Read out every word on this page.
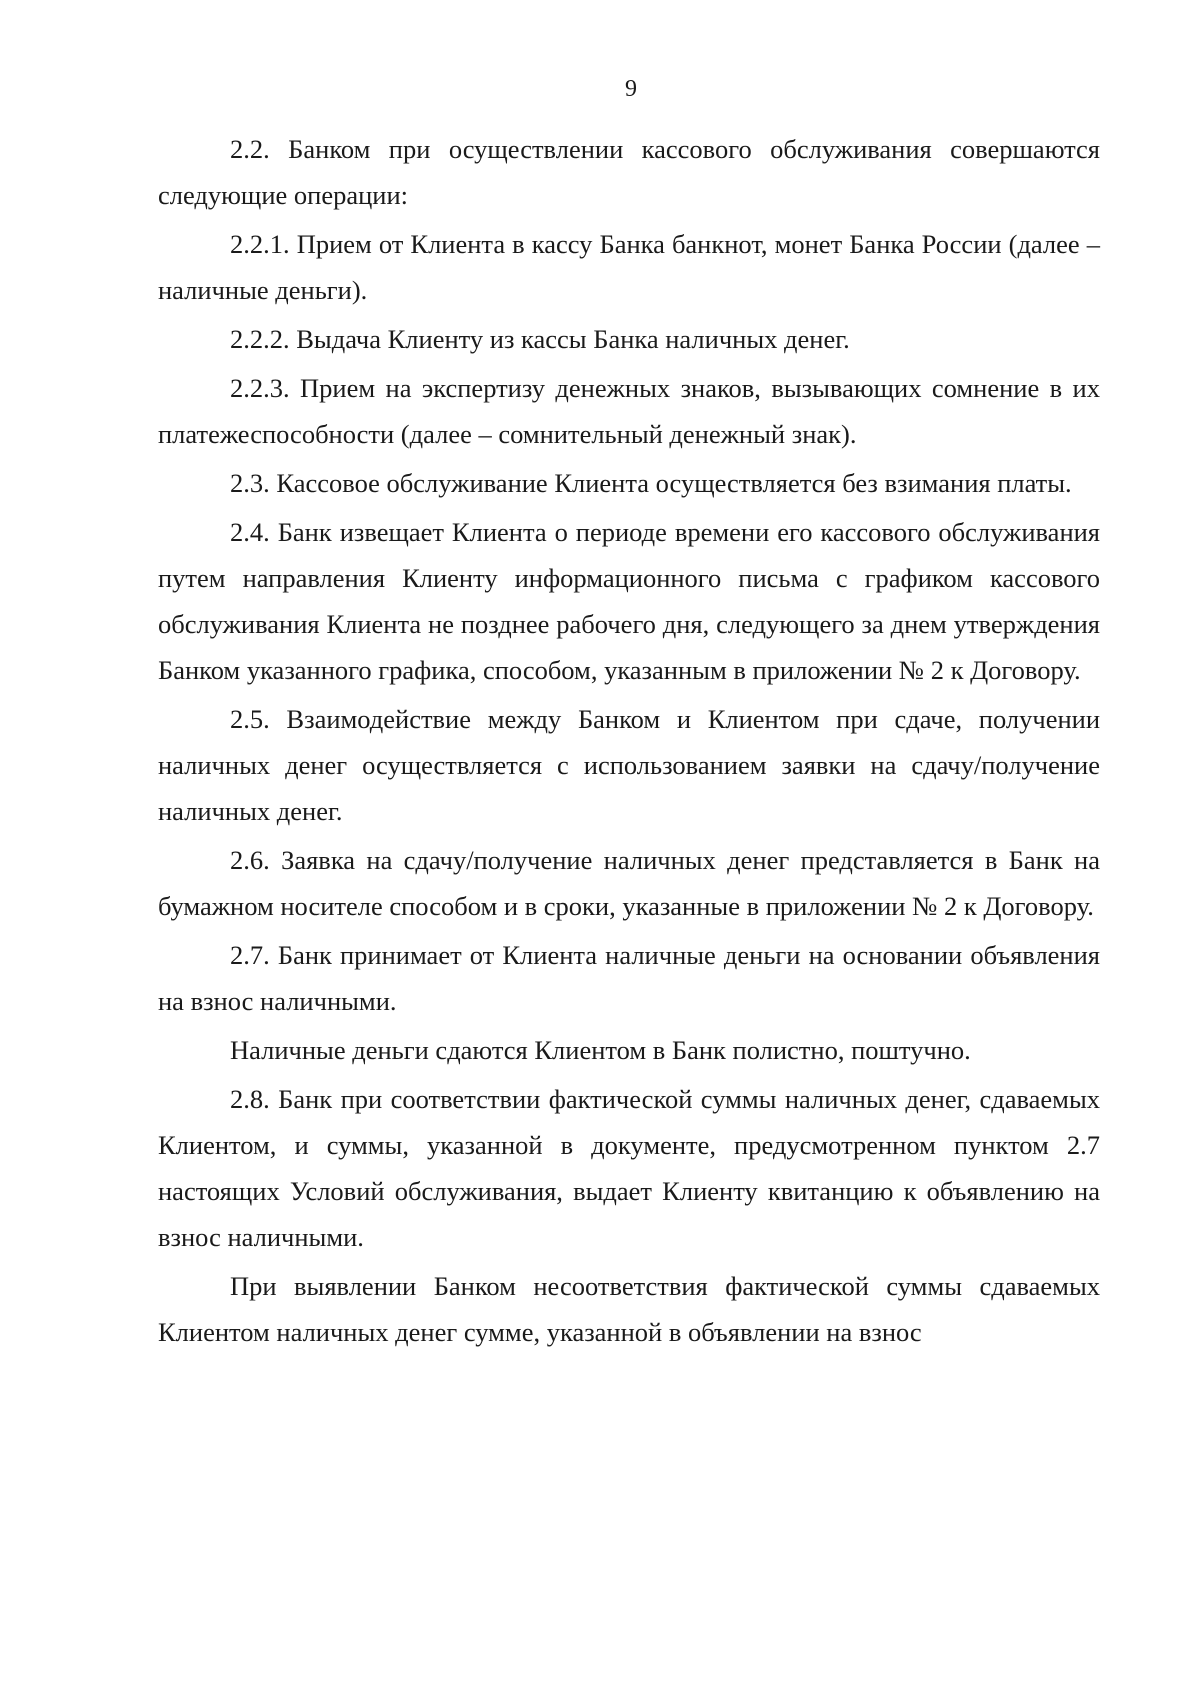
9

2.2. Банком при осуществлении кассового обслуживания совершаются следующие операции:

2.2.1. Прием от Клиента в кассу Банка банкнот, монет Банка России (далее – наличные деньги).

2.2.2. Выдача Клиенту из кассы Банка наличных денег.

2.2.3. Прием на экспертизу денежных знаков, вызывающих сомнение в их платежеспособности (далее – сомнительный денежный знак).

2.3. Кассовое обслуживание Клиента осуществляется без взимания платы.

2.4. Банк извещает Клиента о периоде времени его кассового обслуживания путем направления Клиенту информационного письма с графиком кассового обслуживания Клиента не позднее рабочего дня, следующего за днем утверждения Банком указанного графика, способом, указанным в приложении № 2 к Договору.

2.5. Взаимодействие между Банком и Клиентом при сдаче, получении наличных денег осуществляется с использованием заявки на сдачу/получение наличных денег.

2.6. Заявка на сдачу/получение наличных денег представляется в Банк на бумажном носителе способом и в сроки, указанные в приложении № 2 к Договору.

2.7. Банк принимает от Клиента наличные деньги на основании объявления на взнос наличными.

Наличные деньги сдаются Клиентом в Банк полистно, поштучно.

2.8. Банк при соответствии фактической суммы наличных денег, сдаваемых Клиентом, и суммы, указанной в документе, предусмотренном пунктом 2.7 настоящих Условий обслуживания, выдает Клиенту квитанцию к объявлению на взнос наличными.

При выявлении Банком несоответствия фактической суммы сдаваемых Клиентом наличных денег сумме, указанной в объявлении на взнос
